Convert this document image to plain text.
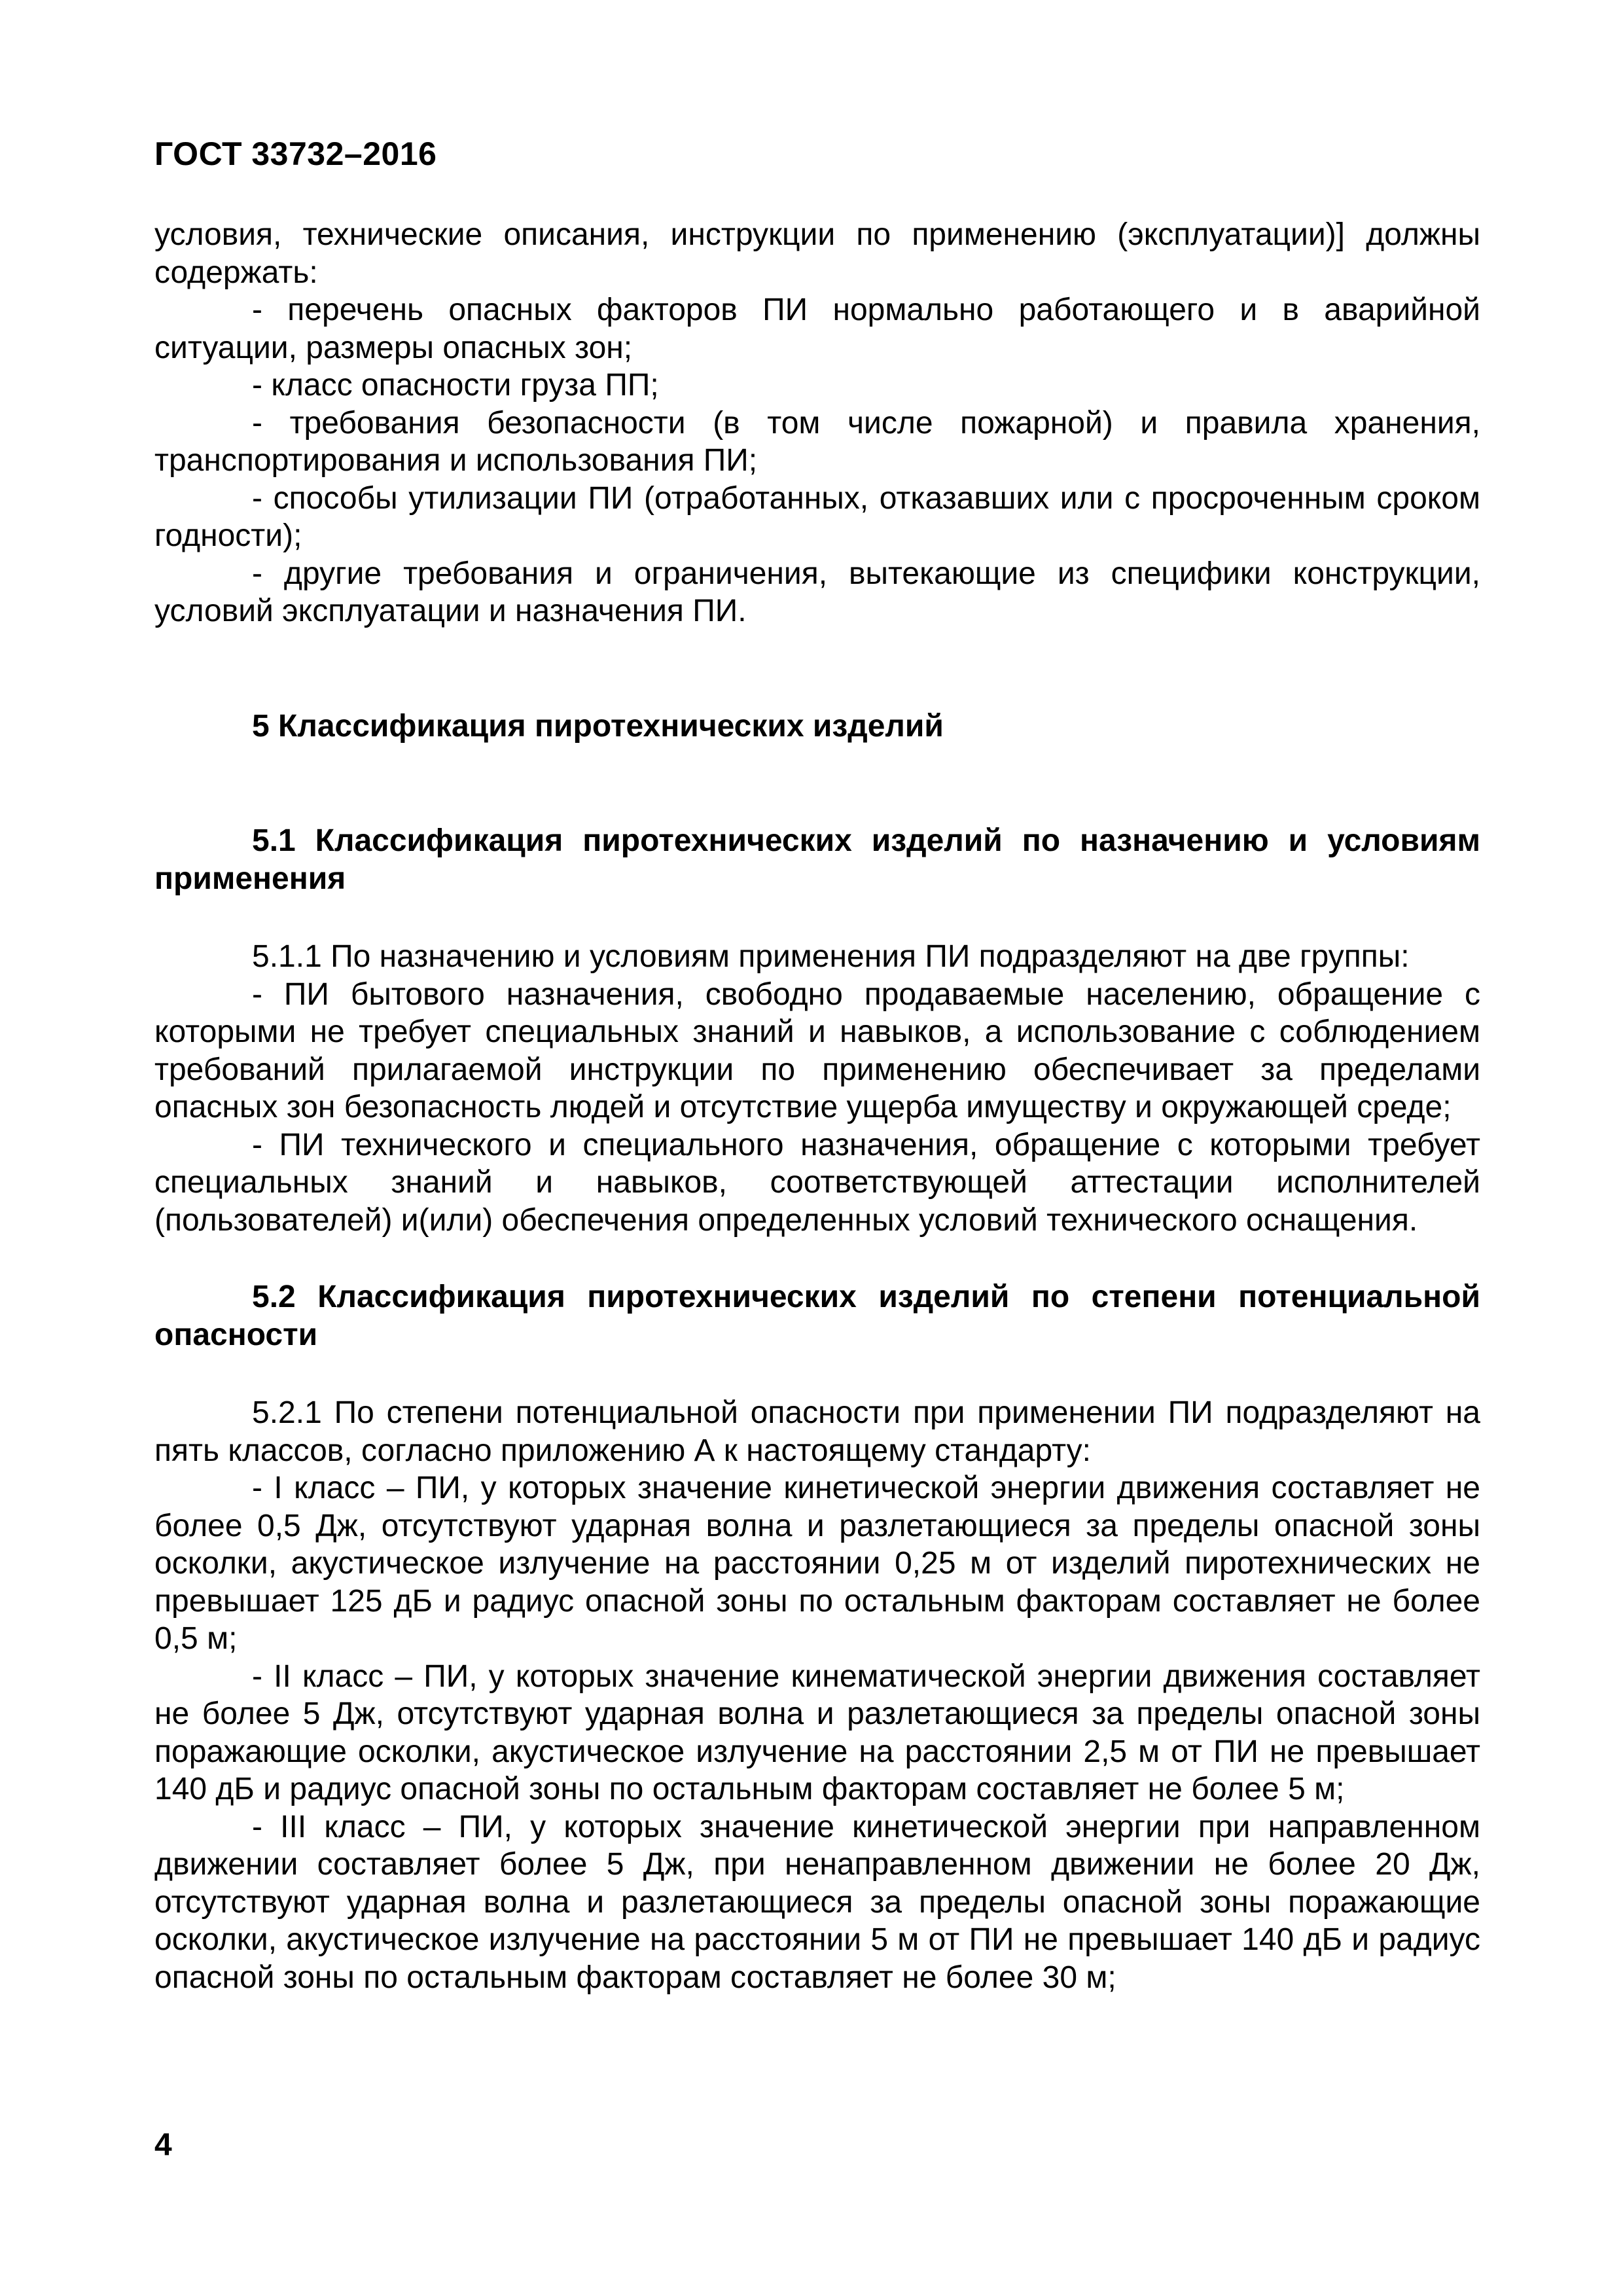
ГОСТ 33732–2016

условия, технические описания, инструкции по применению (эксплуатации)] должны содержать:

- перечень опасных факторов ПИ нормально работающего и в аварийной ситуации, размеры опасных зон;

- класс опасности груза ПП;

- требования безопасности (в том числе пожарной) и правила хранения, транспортирования и использования ПИ;

- способы утилизации ПИ (отработанных, отказавших или с просроченным сроком годности);

- другие требования и ограничения, вытекающие из специфики конструкции, условий эксплуатации и назначения ПИ.

5 Классификация пиротехнических изделий

5.1 Классификация пиротехнических изделий по назначению и условиям применения

5.1.1 По назначению и условиям применения ПИ подразделяют на две группы:

- ПИ бытового назначения, свободно продаваемые населению, обращение с которыми не требует специальных знаний и навыков, а использование с соблюдением требований прилагаемой инструкции по применению обеспечивает за пределами опасных зон безопасность людей и отсутствие ущерба имуществу и окружающей среде;

- ПИ технического и специального назначения, обращение с которыми требует специальных знаний и навыков, соответствующей аттестации исполнителей (пользователей) и(или) обеспечения определенных условий технического оснащения.

5.2 Классификация пиротехнических изделий по степени потенциальной опасности

5.2.1 По степени потенциальной опасности при применении ПИ подразделяют на пять классов, согласно приложению А к настоящему стандарту:

- I класс – ПИ, у которых значение кинетической энергии движения составляет не более 0,5 Дж, отсутствуют ударная волна и разлетающиеся за пределы опасной зоны осколки, акустическое излучение на расстоянии 0,25 м от изделий пиротехнических не превышает 125 дБ и радиус опасной зоны по остальным факторам составляет не более 0,5 м;

- II класс – ПИ, у которых значение кинематической энергии движения составляет не более 5 Дж, отсутствуют ударная волна и разлетающиеся за пределы опасной зоны поражающие осколки, акустическое излучение на расстоянии 2,5 м от ПИ не превышает 140 дБ и радиус опасной зоны по остальным факторам составляет не более 5 м;

- III класс – ПИ, у которых значение кинетической энергии при направленном движении составляет более 5 Дж, при ненаправленном движении не более 20 Дж, отсутствуют ударная волна и разлетающиеся за пределы опасной зоны поражающие осколки, акустическое излучение на расстоянии 5 м от ПИ не превышает 140 дБ и радиус опасной зоны по остальным факторам составляет не более 30 м;

4
